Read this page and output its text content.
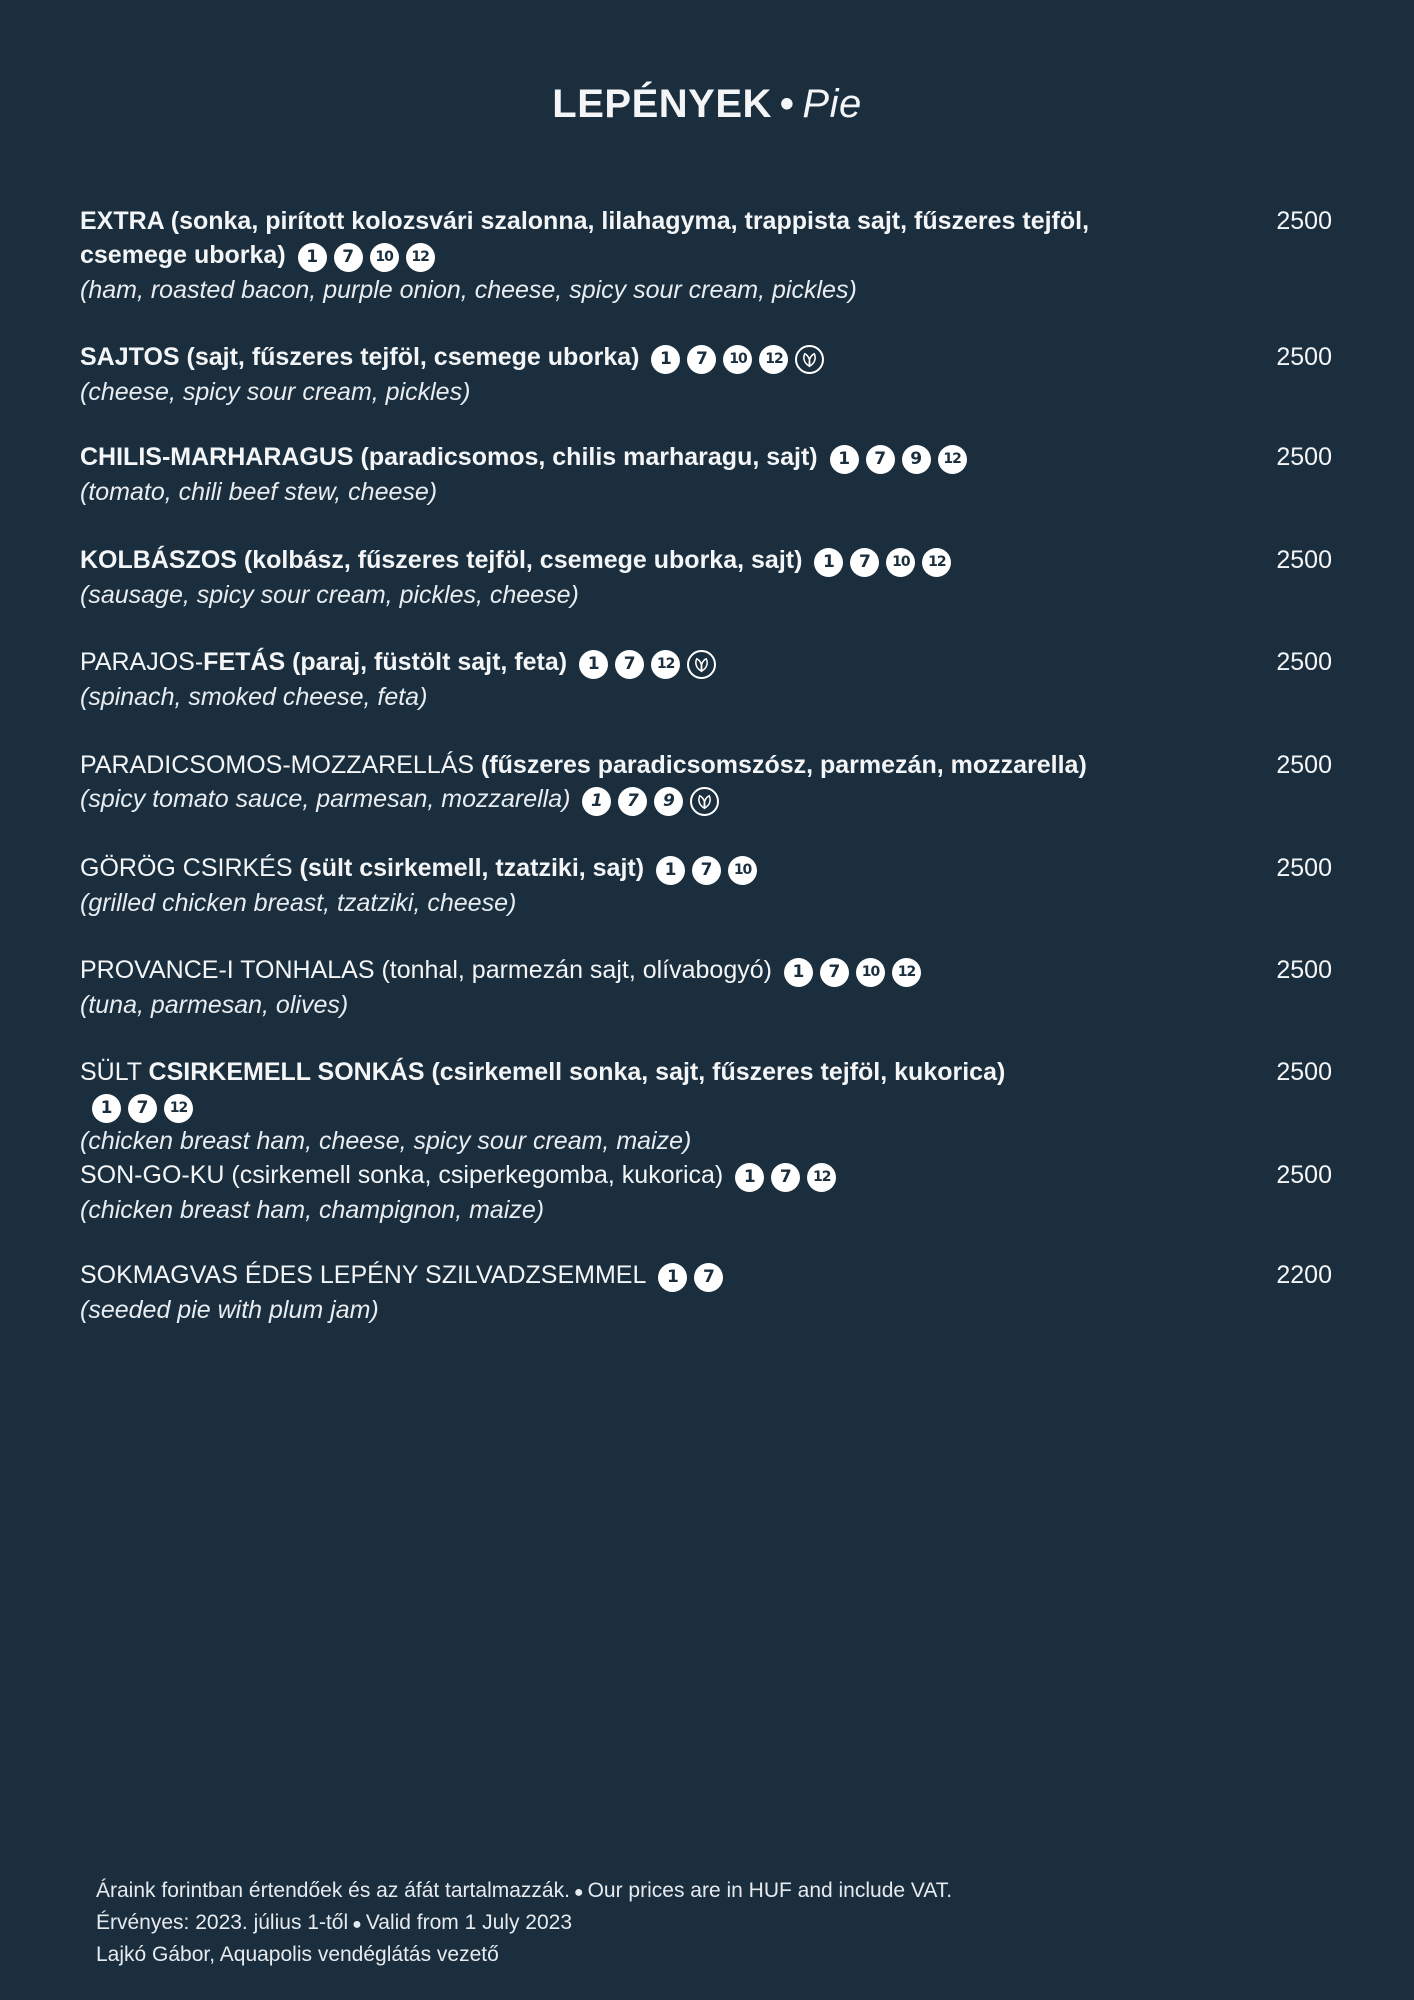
LEPÉNYEK • Pie
EXTRA (sonka, pirított kolozsvári szalonna, lilahagyma, trappista sajt, fűszeres tejföl, csemege uborka) 1 7 10 12
(ham, roasted bacon, purple onion, cheese, spicy sour cream, pickles)
2500
SAJTOS (sajt, fűszeres tejföl, csemege uborka) 1 7 10 12
(cheese, spicy sour cream, pickles)
2500
CHILIS-MARHARAGUS (paradicsomos, chilis marharagu, sajt) 1 7 9 12
(tomato, chili beef stew, cheese)
2500
KOLBÁSZOS (kolbász, fűszeres tejföl, csemege uborka, sajt) 1 7 10 12
(sausage, spicy sour cream, pickles, cheese)
2500
PARAJOS-FETÁS (paraj, füstölt sajt, feta) 1 7 12
(spinach, smoked cheese, feta)
2500
PARADICSOMOS-MOZZARELLÁS (fűszeres paradicsomszósz, parmezán, mozzarella)
(spicy tomato sauce, parmesan, mozzarella) 1 7 9
2500
GÖRÖG CSIRKÉS (sült csirkemell, tzatziki, sajt) 1 7 10
(grilled chicken breast, tzatziki, cheese)
2500
PROVANCE-I TONHALAS (tonhal, parmezán sajt, olívabogyó) 1 7 10 12
(tuna, parmesan, olives)
2500
SÜLT CSIRKEMELL SONKÁS (csirkemell sonka, sajt, fűszeres tejföl, kukorica)1 7 12
(chicken breast ham, cheese, spicy sour cream, maize)
2500
SON-GO-KU (csirkemell sonka, csiperkegomba, kukorica) 1 7 12
(chicken breast ham, champignon, maize)
2500
SOKMAGVAS ÉDES LEPÉNY SZILVADZSEMMEL 1 7
(seeded pie with plum jam)
2200
Áraink forintban értendőek és az áfát tartalmazzák. ● Our prices are in HUF and include VAT.
Érvényes: 2023. július 1-től ● Valid from 1 July 2023
Lajkó Gábor, Aquapolis vendéglátás vezető
